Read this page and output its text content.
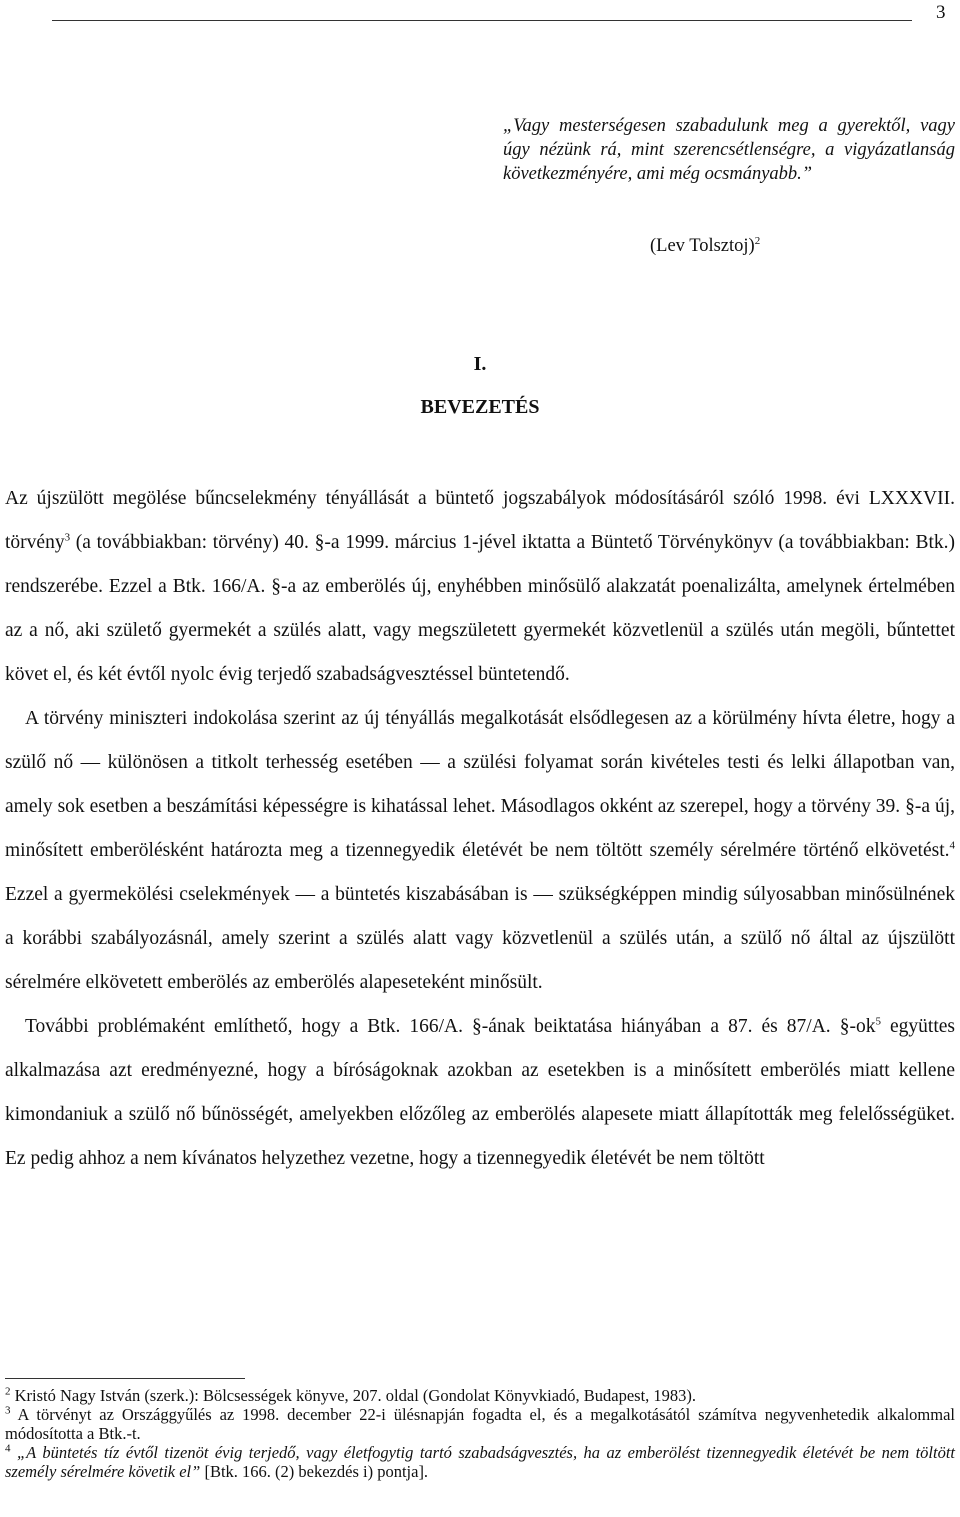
3
„Vagy mesterségesen szabadulunk meg a gyerektől, vagy úgy nézünk rá, mint szerencsétlenségre, a vigyázatlanság következményére, ami még ocsmányabb.”
(Lev Tolsztoj)$^2$
I.
BEVEZETÉS

Az újszülött megölése bűncselekmény tényállását a büntető jogszabályok módosításáról szóló 1998. évi LXXXVII. törvény$^3$ (a továbbiakban: törvény) 40. §-a 1999. március 1-jével iktatta a Büntető Törvénykönyv (a továbbiakban: Btk.) rendszerébe. Ezzel a Btk. 166/A. §-a az emberölés új, enyhébben minősülő alakzatát poenalizálta, amelynek értelmében az a nő, aki születő gyermekét a szülés alatt, vagy megszületett gyermekét közvetlenül a szülés után megöli, bűntettet követ el, és két évtől nyolc évig terjedő szabadságvesztéssel büntetendő.

A törvény miniszteri indokolása szerint az új tényállás megalkotását elsődlegesen az a körülmény hívta életre, hogy a szülő nő ― különösen a titkolt terhesség esetében ― a szülési folyamat során kivételes testi és lelki állapotban van, amely sok esetben a beszámítási képességre is kihatással lehet. Másodlagos okként az szerepel, hogy a törvény 39. §-a új, minősített emberölésként határozta meg a tizennegyedik életévét be nem töltött személy sérelmére történő elkövetést.$^4$ Ezzel a gyermekölési cselekmények ― a büntetés kiszabásában is ― szükségképpen mindig súlyosabban minősülnének a korábbi szabályozásnál, amely szerint a szülés alatt vagy közvetlenül a szülés után, a szülő nő által az újszülött sérelmére elkövetett emberölés az emberölés alapeseteként minősült.

További problémaként említhető, hogy a Btk. 166/A. §-ának beiktatása hiányában a 87. és 87/A. $\S-ok^5$ együttes alkalmazása azt eredményezné, hogy a bíróságoknak azokban az esetekben is a minősített emberölés miatt kellene kimondaniuk a szülő nő bűnösségét, amelyekben előzőleg az emberölés alapesete miatt állapították meg felelősségüket. Ez pedig ahhoz a nem kívánatos helyzethez vezetne, hogy a tizennegyedik életévét be nem töltött

$^2$ Kristó Nagy István (szerk.): Bölcsességek könyve, 207. oldal (Gondolat Könyvkiadó, Budapest, 1983).

$^3$ A törvényt az Országgyűlés az 1998. december 22-i ülésnapján fogadta el, és a megalkotásától számítva negyvenhetedik alkalommal módosította a Btk.-t.

$^4$ „A büntetés tíz évtől tizenöt évig terjedő, vagy életfogytig tartó szabadságvesztés, ha az emberölést tizennegyedik életévét be nem töltött személy sérelmére követik el” [Btk. 166. (2) bekezdés i) pontja].
